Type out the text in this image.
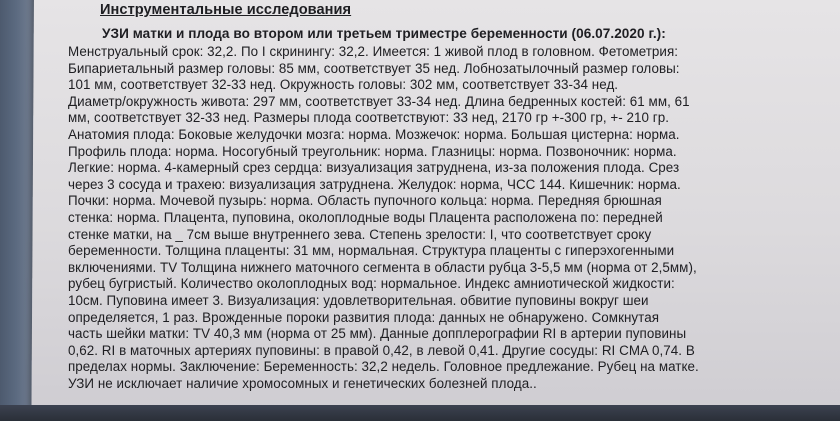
Инструментальные исследования
УЗИ матки и плода во втором или третьем триместре беременности (06.07.2020 г.):
Менструальный срок: 32,2. По I скринингу: 32,2. Имеется: 1 живой плод в головном. Фетометрия:
Бипариетальный размер головы: 85 мм, соответствует 35 нед. Лобнозатылочный размер головы:
101 мм, соответствует 32-33 нед. Окружность головы: 302 мм, соответствует 33-34 нед.
Диаметр/окружность живота: 297 мм, соответствует 33-34 нед. Длина бедренных костей: 61 мм, 61
мм, соответствует 32-33 нед. Размеры плода соответствуют: 33 нед, 2170 гр +-300 гр, +- 210 гр.
Анатомия плода: Боковые желудочки мозга: норма. Мозжечок: норма. Большая цистерна: норма.
Профиль плода: норма. Носогубный треугольник: норма. Глазницы: норма. Позвоночник: норма.
Легкие: норма. 4-камерный срез сердца: визуализация затруднена, из-за положения плода. Срез
через 3 сосуда и трахею: визуализация затруднена. Желудок: норма, ЧСС 144. Кишечник: норма.
Почки: норма. Мочевой пузырь: норма. Область пупочного кольца: норма. Передняя брюшная
стенка: норма. Плацента, пуповина, околоплодные воды Плацента расположена по: передней
стенке матки, на _ 7см выше внутреннего зева. Степень зрелости: I, что соответствует сроку
беременности. Толщина плаценты: 31 мм, нормальная. Структура плаценты с гиперэхогенными
включениями. TV Толщина нижнего маточного сегмента в области рубца 3-5,5 мм (норма от 2,5мм),
рубец бугристый. Количество околоплодных вод: нормальное. Индекс амниотической жидкости:
10см. Пуповина имеет 3. Визуализация: удовлетворительная. обвитие пуповины вокруг шеи
определяется, 1 раз. Врожденные пороки развития плода: данных не обнаружено. Сомкнутая
часть шейки матки: TV 40,3 мм (норма от 25 мм). Данные допплерографии RI в артерии пуповины
0,62. RI в маточных артериях пуповины: в правой 0,42, в левой 0,41. Другие сосуды: RI CMA 0,74. В
пределах нормы. Заключение: Беременность: 32,2 недель. Головное предлежание. Рубец на матке.
УЗИ не исключает наличие хромосомных и генетических болезней плода..
